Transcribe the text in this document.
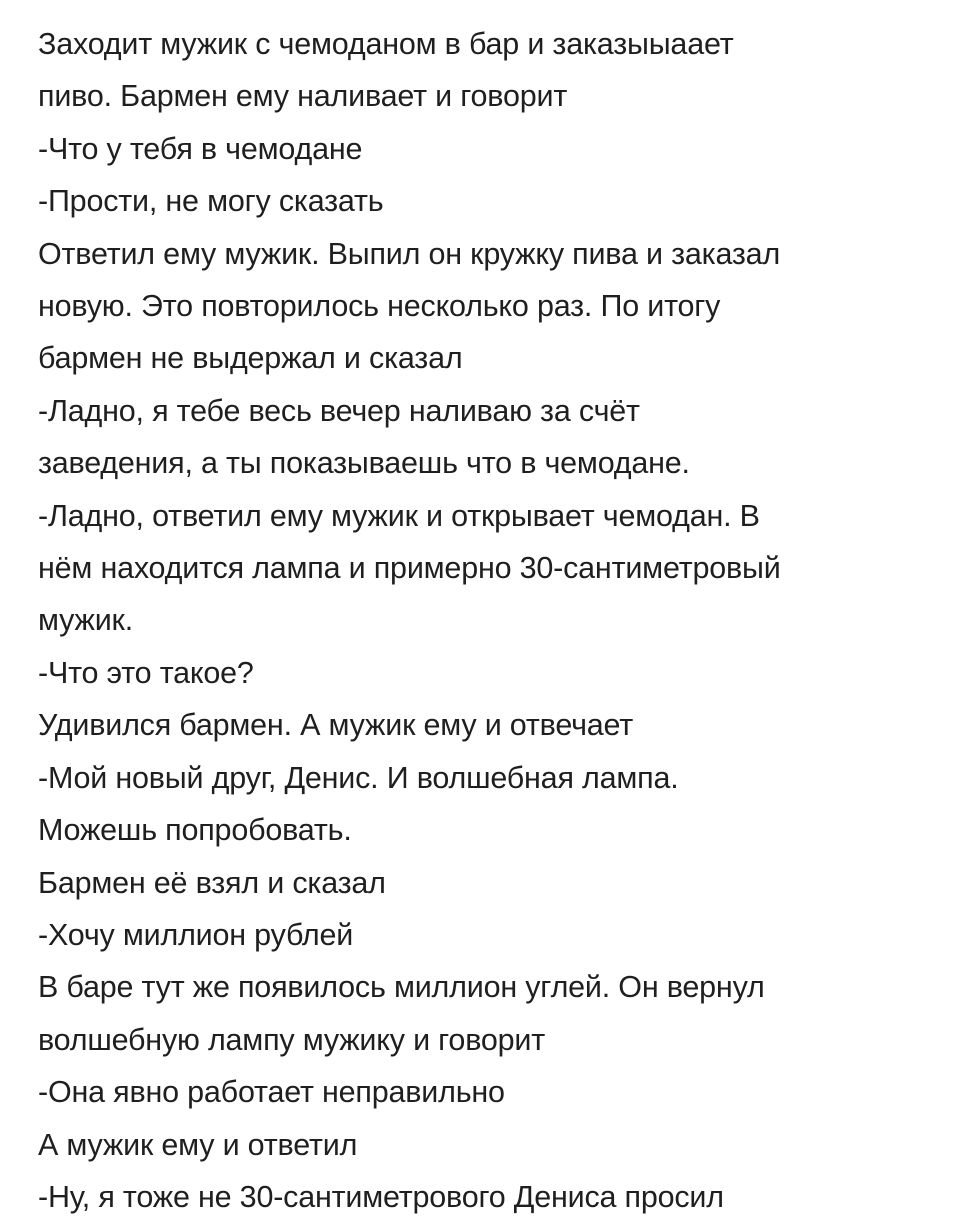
Заходит мужик с чемоданом в бар и заказыыаает

пиво. Бармен ему наливает и говорит

-Что у тебя в чемодане

-Прости, не могу сказать

Ответил ему мужик. Выпил он кружку пива и заказал

новую. Это повторилось несколько раз. По итогу

бармен не выдержал и сказал

-Ладно, я тебе весь вечер наливаю за счёт

заведения, а ты показываешь что в чемодане.

-Ладно, ответил ему мужик и открывает чемодан. В

нём находится лампа и примерно 30-сантиметровый

мужик.

-Что это такое?

Удивился бармен. А мужик ему и отвечает

-Мой новый друг, Денис. И волшебная лампа.

Можешь попробовать.

Бармен её взял и сказал

-Хочу миллион рублей

В баре тут же появилось миллион углей. Он вернул

волшебную лампу мужику и говорит

-Она явно работает неправильно

А мужик ему и ответил

-Ну, я тоже не 30-сантиметрового Дениса просил
